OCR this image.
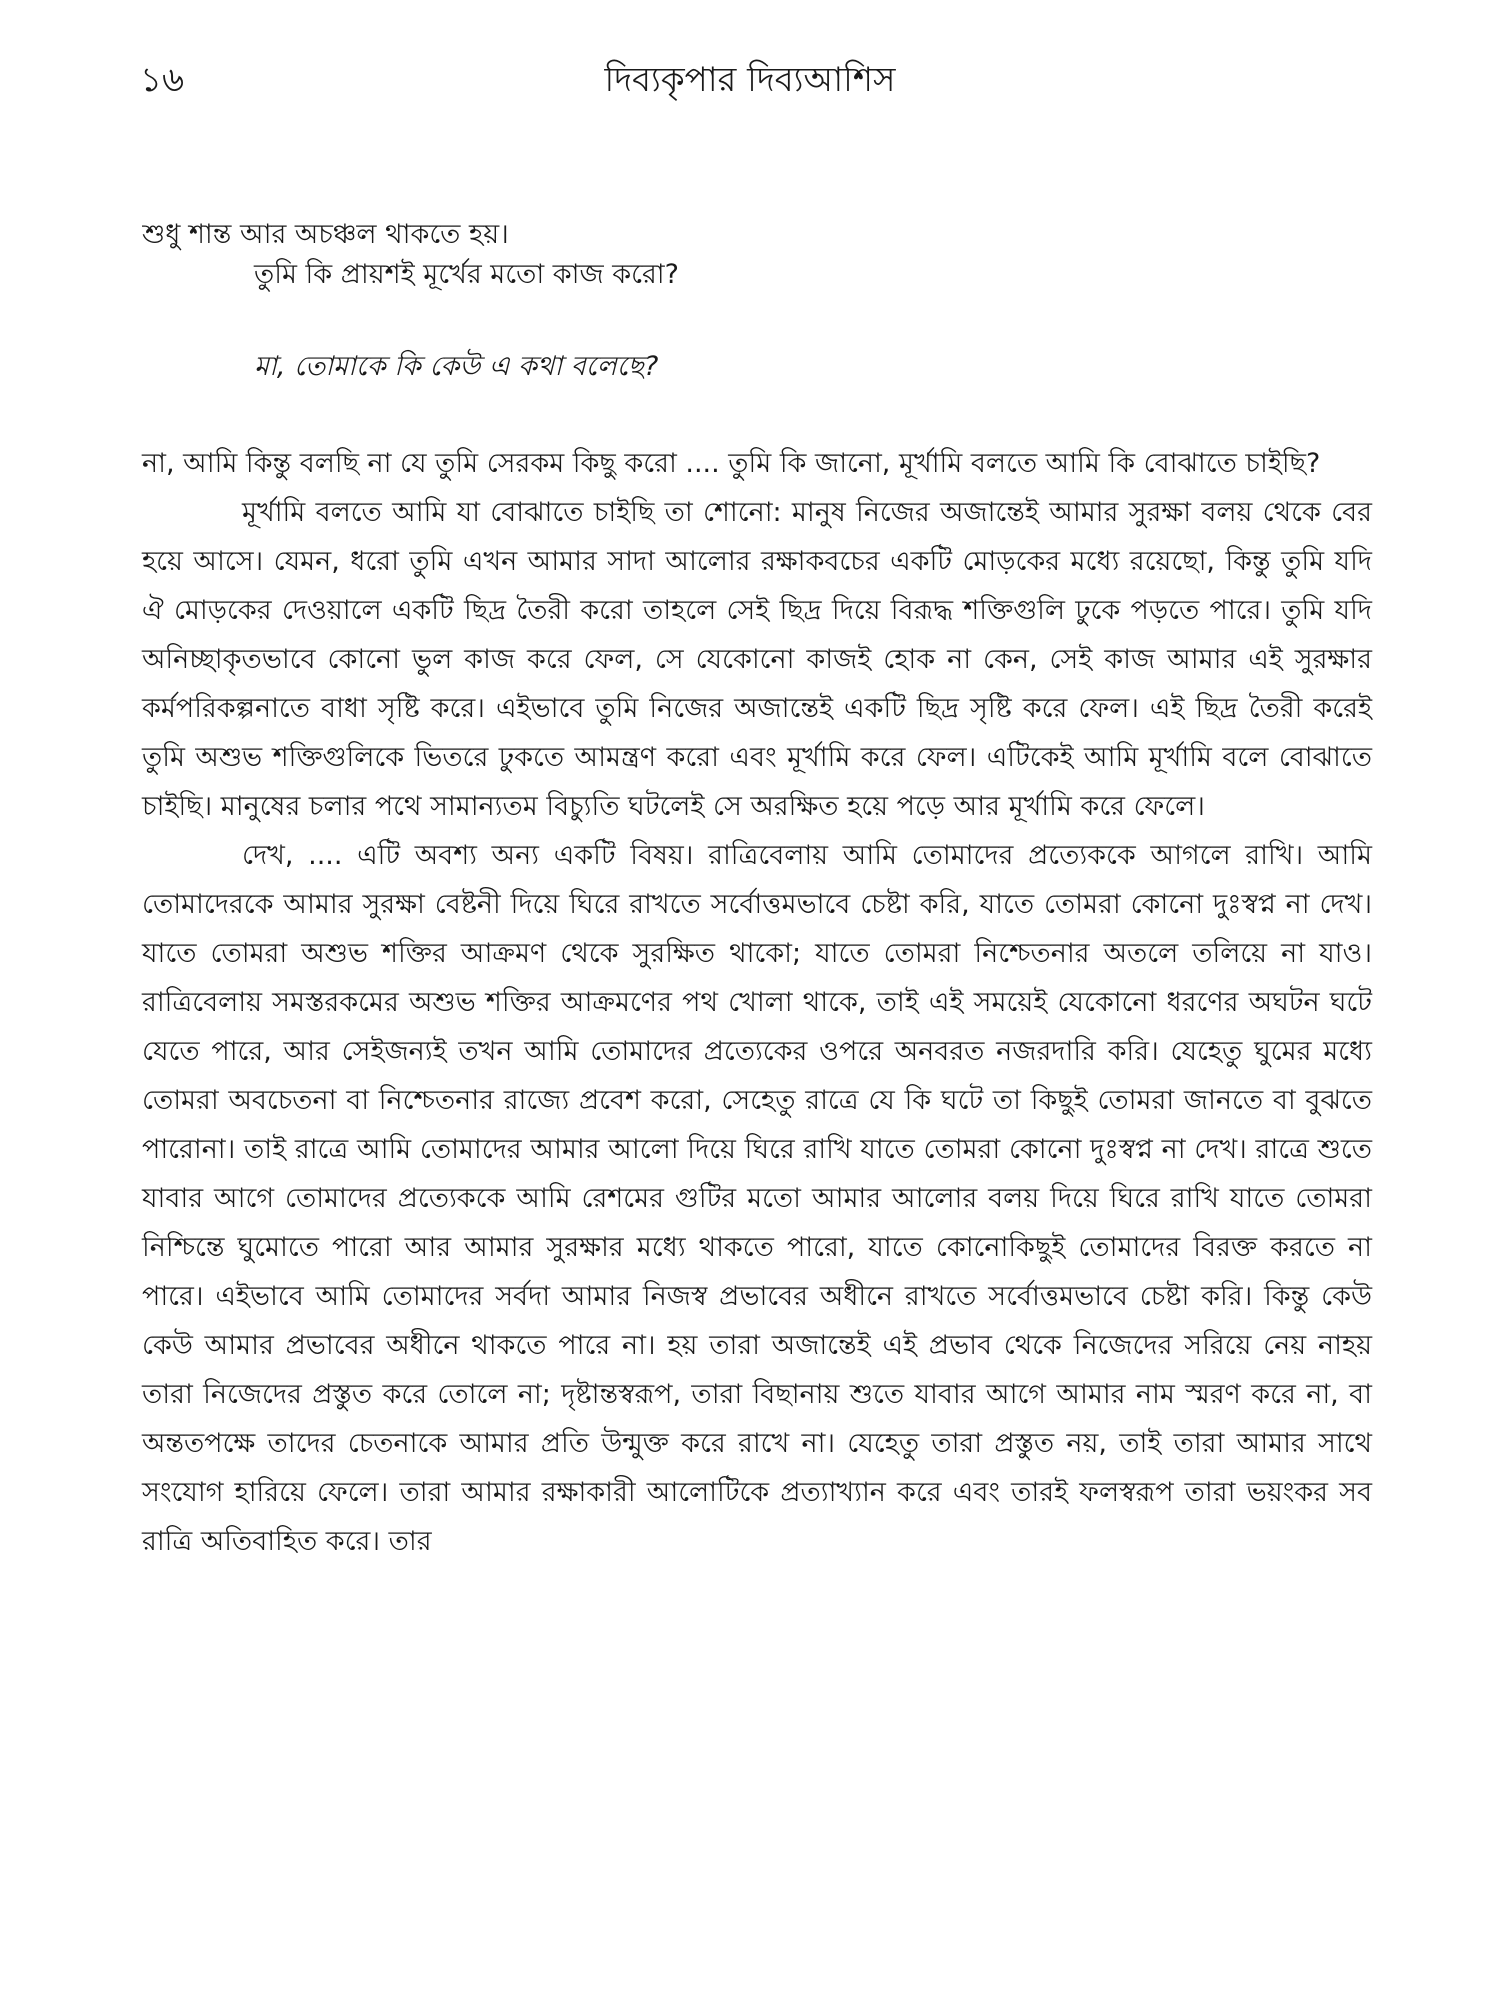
১৬	দিব্যকৃপার দিব্যআশিস
শুধু শান্ত আর অচঞ্চল থাকতে হয়।
তুমি কি প্রায়শই মূর্খের মতো কাজ করো?
মা, তোমাকে কি কেউ এ কথা বলেছে?

না, আমি কিন্তু বলছি না যে তুমি সেরকম কিছু করো .... তুমি কি জানো, মূর্খামি বলতে আমি কি বোঝাতে চাইছি?

মূর্খামি বলতে আমি যা বোঝাতে চাইছি তা শোনো: মানুষ নিজের অজান্তেই আমার সুরক্ষা বলয় থেকে বের হয়ে আসে। যেমন, ধরো তুমি এখন আমার সাদা আলোর রক্ষাকবচের একটি মোড়কের মধ্যে রয়েছো, কিন্তু তুমি যদি ঐ মোড়কের দেওয়ালে একটি ছিদ্র তৈরী করো তাহলে সেই ছিদ্র দিয়ে বিরূদ্ধ শক্তিগুলি ঢুকে পড়তে পারে। তুমি যদি অনিচ্ছাকৃতভাবে কোনো ভুল কাজ করে ফেল, সে যেকোনো কাজই হোক না কেন, সেই কাজ আমার এই সুরক্ষার কর্মপরিকল্পনাতে বাধা সৃষ্টি করে। এইভাবে তুমি নিজের অজান্তেই একটি ছিদ্র সৃষ্টি করে ফেল। এই ছিদ্র তৈরী করেই তুমি অশুভ শক্তিগুলিকে ভিতরে ঢুকতে আমন্ত্রণ করো এবং মূর্খামি করে ফেল। এটিকেই আমি মূর্খামি বলে বোঝাতে চাইছি। মানুষের চলার পথে সামান্যতম বিচ্যুতি ঘটলেই সে অরক্ষিত হয়ে পড়ে আর মূর্খামি করে ফেলে।

দেখ, .... এটি অবশ্য অন্য একটি বিষয়। রাত্রিবেলায় আমি তোমাদের প্রত্যেককে আগলে রাখি। আমি তোমাদেরকে আমার সুরক্ষা বেষ্টনী দিয়ে ঘিরে রাখতে সর্বোত্তমভাবে চেষ্টা করি, যাতে তোমরা কোনো দুঃস্বপ্ন না দেখ। যাতে তোমরা অশুভ শক্তির আক্রমণ থেকে সুরক্ষিত থাকো; যাতে তোমরা নিশ্চেতনার অতলে তলিয়ে না যাও। রাত্রিবেলায় সমস্তরকমের অশুভ শক্তির আক্রমণের পথ খোলা থাকে, তাই এই সময়েই যেকোনো ধরণের অঘটন ঘটে যেতে পারে, আর সেইজন্যই তখন আমি তোমাদের প্রত্যেকের ওপরে অনবরত নজরদারি করি। যেহেতু ঘুমের মধ্যে তোমরা অবচেতনা বা নিশ্চেতনার রাজ্যে প্রবেশ করো, সেহেতু রাত্রে যে কি ঘটে তা কিছুই তোমরা জানতে বা বুঝতে পারোনা। তাই রাত্রে আমি তোমাদের আমার আলো দিয়ে ঘিরে রাখি যাতে তোমরা কোনো দুঃস্বপ্ন না দেখ। রাত্রে শুতে যাবার আগে তোমাদের প্রত্যেককে আমি রেশমের গুটির মতো আমার আলোর বলয় দিয়ে ঘিরে রাখি যাতে তোমরা নিশ্চিন্তে ঘুমোতে পারো আর আমার সুরক্ষার মধ্যে থাকতে পারো, যাতে কোনোকিছুই তোমাদের বিরক্ত করতে না পারে। এইভাবে আমি তোমাদের সর্বদা আমার নিজস্ব প্রভাবের অধীনে রাখতে সর্বোত্তমভাবে চেষ্টা করি। কিন্তু কেউ কেউ আমার প্রভাবের অধীনে থাকতে পারে না। হয় তারা অজান্তেই এই প্রভাব থেকে নিজেদের সরিয়ে নেয় নাহয় তারা নিজেদের প্রস্তুত করে তোলে না; দৃষ্টান্তস্বরূপ, তারা বিছানায় শুতে যাবার আগে আমার নাম স্মরণ করে না, বা অন্ততপক্ষে তাদের চেতনাকে আমার প্রতি উন্মুক্ত করে রাখে না। যেহেতু তারা প্রস্তুত নয়, তাই তারা আমার সাথে সংযোগ হারিয়ে ফেলে। তারা আমার রক্ষাকারী আলোটিকে প্রত্যাখ্যান করে এবং তারই ফলস্বরূপ তারা ভয়ংকর সব রাত্রি অতিবাহিত করে। তার
